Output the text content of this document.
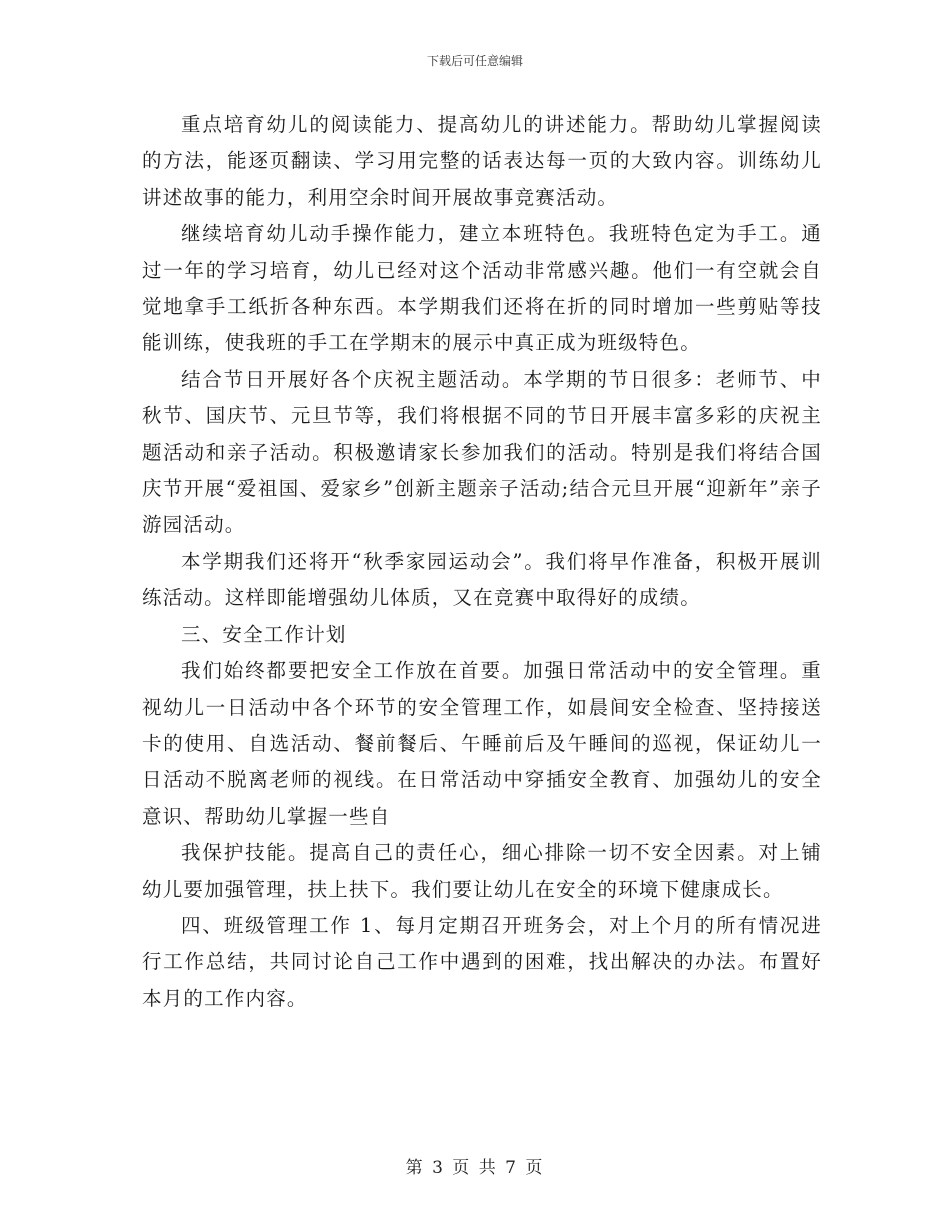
下载后可任意编辑

重点培育幼儿的阅读能力、提高幼儿的讲述能力。帮助幼儿掌握阅读的方法，能逐页翻读、学习用完整的话表达每一页的大致内容。训练幼儿讲述故事的能力，利用空余时间开展故事竞赛活动。

继续培育幼儿动手操作能力，建立本班特色。我班特色定为手工。通过一年的学习培育，幼儿已经对这个活动非常感兴趣。他们一有空就会自觉地拿手工纸折各种东西。本学期我们还将在折的同时增加一些剪贴等技能训练，使我班的手工在学期末的展示中真正成为班级特色。

结合节日开展好各个庆祝主题活动。本学期的节日很多：老师节、中秋节、国庆节、元旦节等，我们将根据不同的节日开展丰富多彩的庆祝主题活动和亲子活动。积极邀请家长参加我们的活动。特别是我们将结合国庆节开展“爱祖国、爱家乡”创新主题亲子活动;结合元旦开展“迎新年”亲子游园活动。

本学期我们还将开“秋季家园运动会”。我们将早作准备，积极开展训练活动。这样即能增强幼儿体质，又在竞赛中取得好的成绩。

三、安全工作计划

我们始终都要把安全工作放在首要。加强日常活动中的安全管理。重视幼儿一日活动中各个环节的安全管理工作，如晨间安全检查、坚持接送卡的使用、自选活动、餐前餐后、午睡前后及午睡间的巡视，保证幼儿一日活动不脱离老师的视线。在日常活动中穿插安全教育、加强幼儿的安全意识、帮助幼儿掌握一些自

我保护技能。提高自己的责任心，细心排除一切不安全因素。对上铺幼儿要加强管理，扶上扶下。我们要让幼儿在安全的环境下健康成长。

四、班级管理工作 1、每月定期召开班务会，对上个月的所有情况进行工作总结，共同讨论自己工作中遇到的困难，找出解决的办法。布置好本月的工作内容。

第 3 页 共 7 页
